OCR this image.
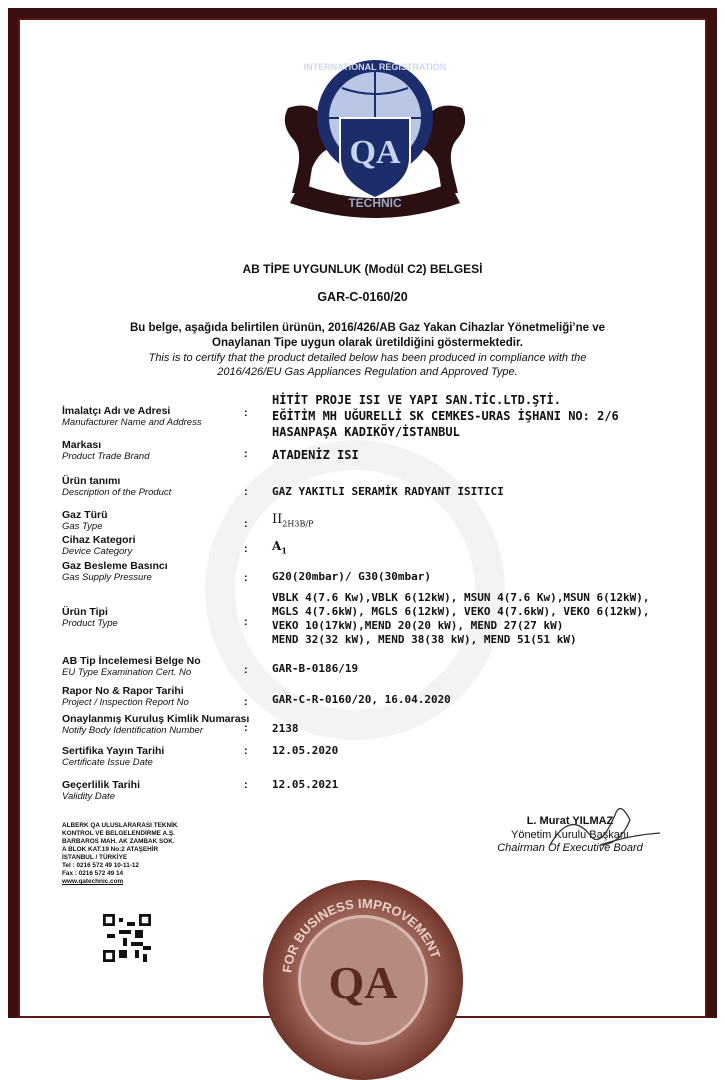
QA
TECHNIC
INTERNATIONAL REGISTRATION
AB TİPE UYGUNLUK (Modül C2) BELGESİ
GAR-C-0160/20
Bu belge, aşağıda belirtilen ürünün, 2016/426/AB Gaz Yakan Cihazlar Yönetmeliği’ne ve
Onaylanan Tipe uygun olarak üretildiğini göstermektedir.
This is to certify that the product detailed below has been produced in compliance with the
2016/426/EU Gas Appliances Regulation and Approved Type.
İmalatçı Adı ve Adresi
Manufacturer Name and Address
:
HİTİT PROJE ISI VE YAPI SAN.TİC.LTD.ŞTİ.
EĞİTİM MH UĞURELLİ SK CEMKES-URAS İŞHANI NO: 2/6
HASANPAŞA KADIKÖY/İSTANBUL
Markası
Product Trade Brand	: ATADENİZ ISI
Ürün tanımı
Description of the Product	: GAZ YAKITLI SERAMİK RADYANT ISITICI
Gaz Türü
Gas Type	: $II_{2H3B/P}$
Cihaz Kategori
Device Category	: $A_1$
Gaz Besleme Basıncı
Gas Supply Pressure	: G20(20mbar)/ G30(30mbar)
Ürün Tipi
Product Type	:
VBLK 4(7.6 Kw),VBLK 6(12kW), MSUN 4(7.6 Kw),MSUN 6(12kW),
MGLS 4(7.6kW), MGLS 6(12kW), VEKO 4(7.6kW), VEKO 6(12kW),
VEKO 10(17kW),MEND 20(20 kW), MEND 27(27 kW)
MEND 32(32 kW), MEND 38(38 kW), MEND 51(51 kW)
AB Tip İncelemesi Belge No
EU Type Examination Cert. No	: GAR-B-0186/19
Rapor No & Rapor Tarihi
Project / Inspection Report No	: GAR-C-R-0160/20, 16.04.2020
Onaylanmış Kuruluş Kimlik Numarası
Notify Body Identification Number	: 2138
Sertifika Yayın Tarihi
Certificate Issue Date
: 12.05.2020
Geçerlilik Tarihi
Validity Date
: 12.05.2021
ALBERK QA ULUSLARARASI TEKNİK
KONTROL VE BELGELENDİRME A.Ş.
BARBAROS MAH. AK ZAMBAK SOK.
A BLOK KAT.19 No:2 ATAŞEHİR
İSTANBUL / TÜRKİYE
Tel : 0216 572 49 10-11-12
Fax : 0216 572 49 14
www.qatechnic.com
L. Murat YILMAZ
Yönetim Kurulu Başkanı
Chairman Of Executive Board
FOR BUSINESS IMPROVEMENT
QA
